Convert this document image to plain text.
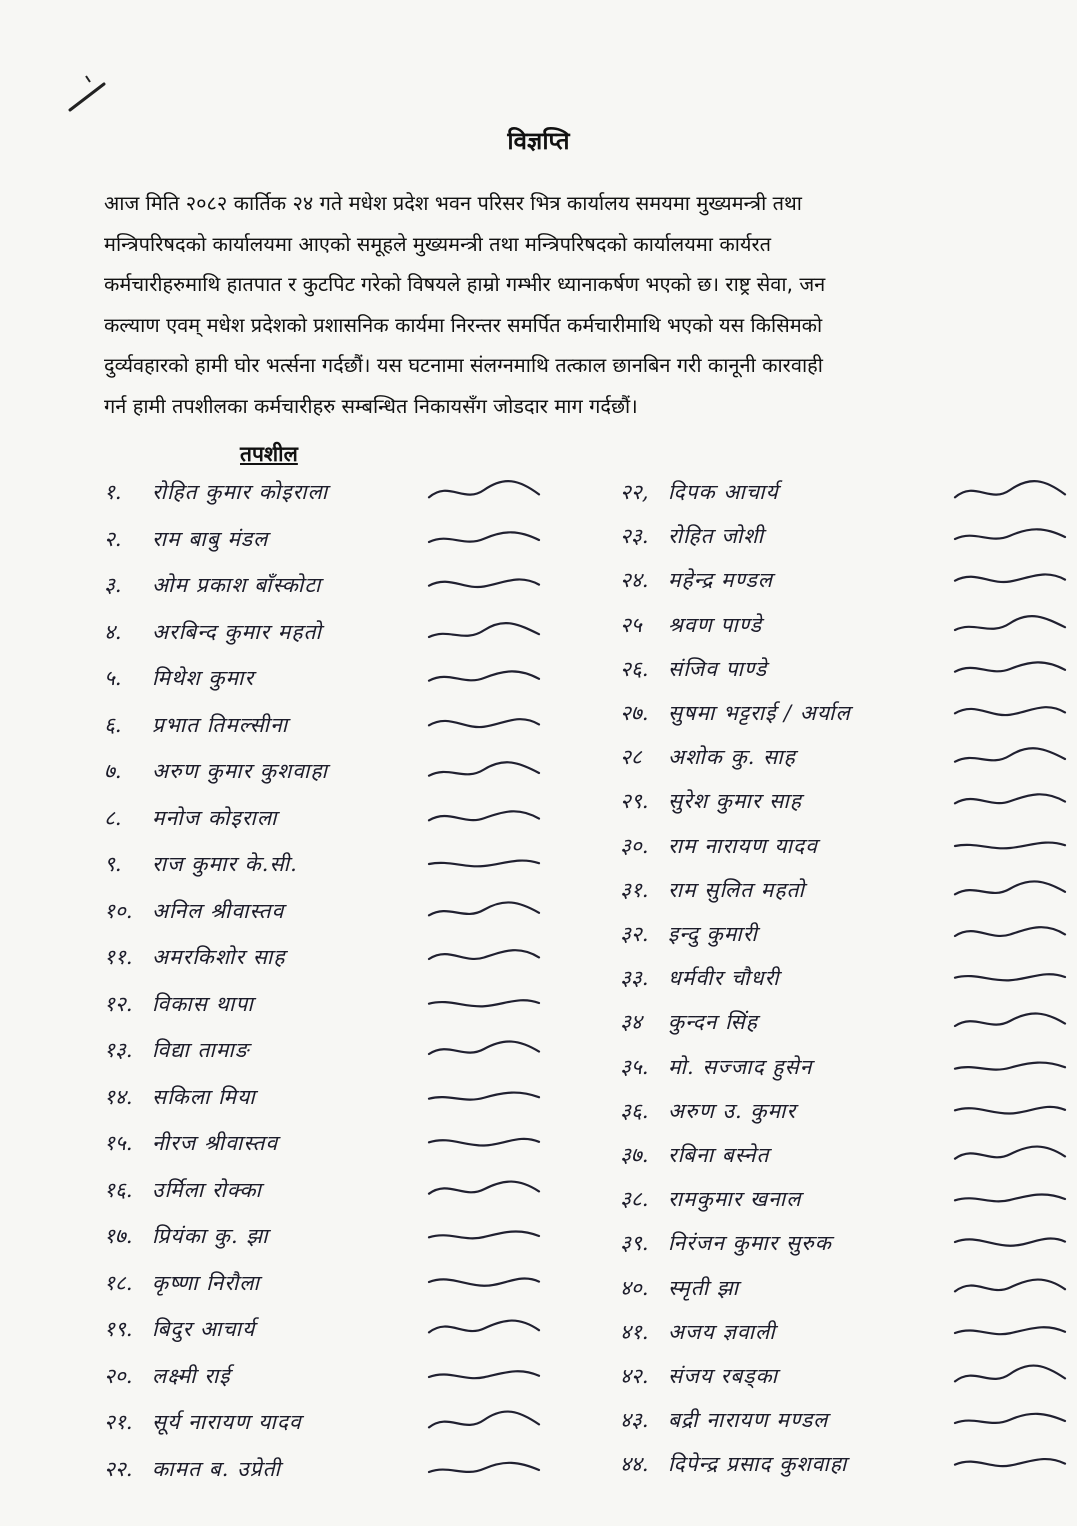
विज्ञप्ति
आज मिति २०८२ कार्तिक २४ गते मधेश प्रदेश भवन परिसर भित्र कार्यालय समयमा मुख्यमन्त्री तथा
मन्त्रिपरिषदको कार्यालयमा आएको समूहले मुख्यमन्त्री तथा मन्त्रिपरिषदको कार्यालयमा कार्यरत
कर्मचारीहरुमाथि हातपात र कुटपिट गरेको विषयले हाम्रो गम्भीर ध्यानाकर्षण भएको छ। राष्ट्र सेवा, जन
कल्याण एवम् मधेश प्रदेशको प्रशासनिक कार्यमा निरन्तर समर्पित कर्मचारीमाथि भएको यस किसिमको
दुर्व्यवहारको हामी घोर भर्त्सना गर्दछौं। यस घटनामा संलग्नमाथि तत्काल छानबिन गरी कानूनी कारवाही
गर्न हामी तपशीलका कर्मचारीहरु सम्बन्धित निकायसँग जोडदार माग गर्दछौं।
तपशील
१. रोहित कुमार कोइराला
२. राम बाबु मंडल
३. ओम प्रकाश बाँस्कोटा
४. अरबिन्द कुमार महतो
५. मिथेश कुमार
६. प्रभात तिमल्सीना
७. अरुण कुमार कुशवाहा
८. मनोज कोइराला
९. राज कुमार के.सी.
१०. अनिल श्रीवास्तव
११. अमरकिशोर साह
१२. विकास थापा
१३. विद्या तामाङ
१४. सकिला मिया
१५. नीरज श्रीवास्तव
१६. उर्मिला रोक्का
१७. प्रियंका कु. झा
१८. कृष्णा निरौला
१९. बिदुर आचार्य
२०. लक्ष्मी राई
२१. सूर्य नारायण यादव
२२. कामत ब. उप्रेती
२२, दिपक आचार्य
२३. रोहित जोशी
२४. महेन्द्र मण्डल
२५ श्रवण पाण्डे
२६. संजिव पाण्डे
२७. सुषमा भट्टराई / अर्याल
२८ अशोक कु. साह
२९. सुरेश कुमार साह
३०. राम नारायण यादव
३१. राम सुलित महतो
३२. इन्दु कुमारी
३३. धर्मवीर चौधरी
३४ कुन्दन सिंह
३५. मो. सज्जाद हुसेन
३६. अरुण उ. कुमार
३७. रबिना बस्नेत
३८. रामकुमार खनाल
३९. निरंजन कुमार सुरुक
४०. स्मृती झा
४१. अजय ज्ञवाली
४२. संजय रबड्का
४३. बद्री नारायण मण्डल
४४. दिपेन्द्र प्रसाद कुशवाहा
